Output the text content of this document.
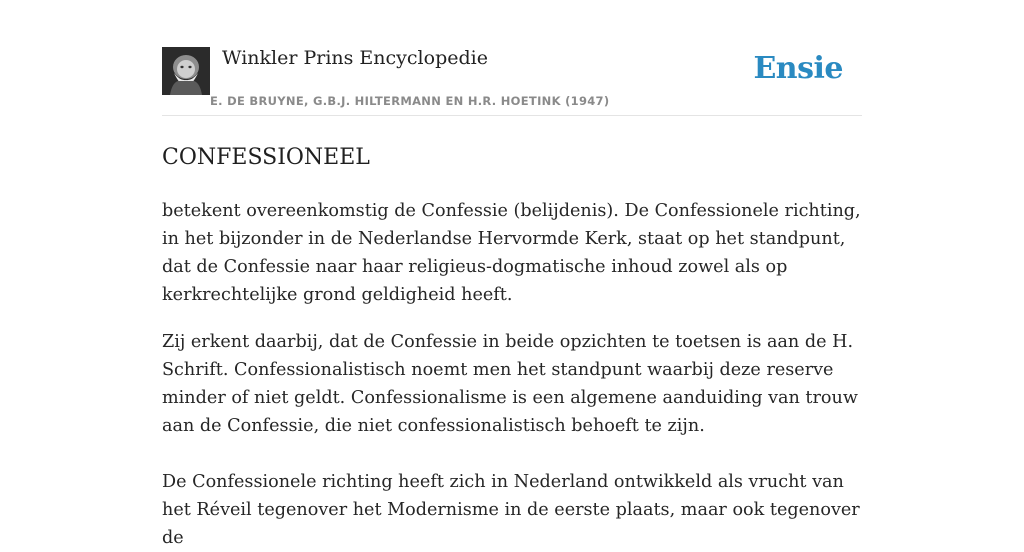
Winkler Prins Encyclopedie
E. DE BRUYNE, G.B.J. HILTERMANN EN H.R. HOETINK (1947)
Ensie
CONFESSIONEEL

betekent overeenkomstig de Confessie (belijdenis). De Confessionele richting, in het bijzonder in de Nederlandse Hervormde Kerk, staat op het standpunt, dat de Confessie naar haar religieus-dogmatische inhoud zowel als op kerkrechtelijke grond geldigheid heeft.

Zij erkent daarbij, dat de Confessie in beide opzichten te toetsen is aan de H. Schrift. Confessionalistisch noemt men het standpunt waarbij deze reserve minder of niet geldt. Confessionalisme is een algemene aanduiding van trouw aan de Confessie, die niet confessionalistisch behoeft te zijn.

De Confessionele richting heeft zich in Nederland ontwikkeld als vrucht van het Réveil tegenover het Modernisme in de eerste plaats, maar ook tegenover de
